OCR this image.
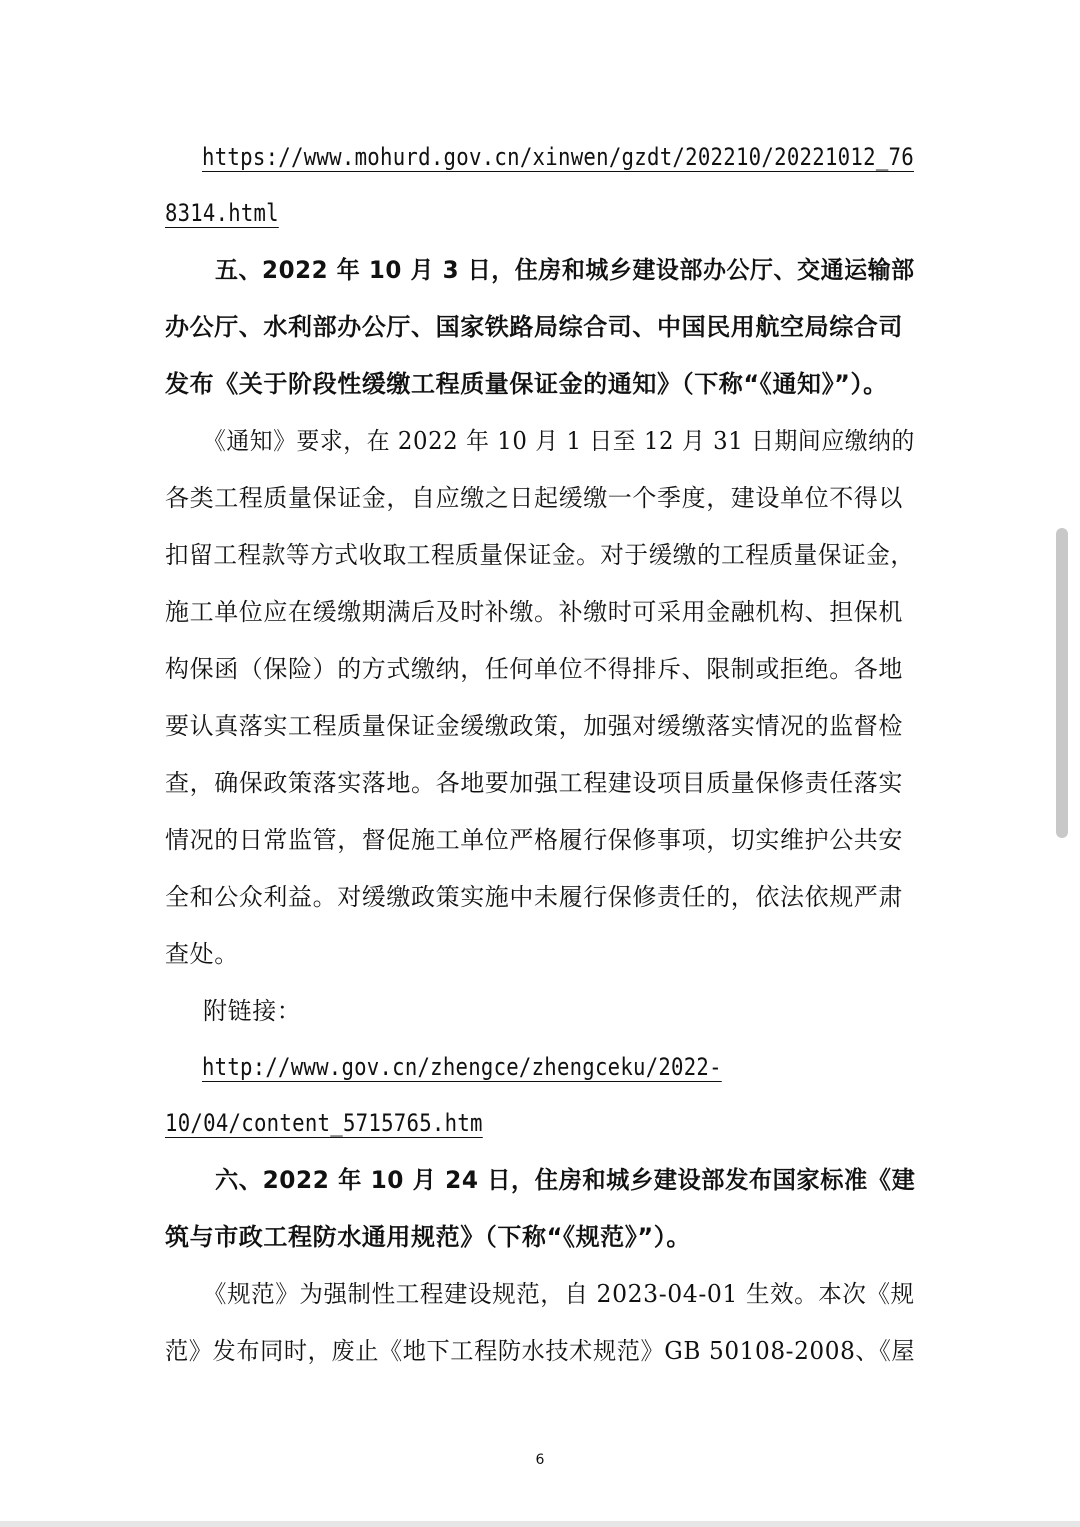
https://www.mohurd.gov.cn/xinwen/gzdt/202210/20221012_76
8314.html
五、2022 年 10 月 3 日，住房和城乡建设部办公厅、交通运输部
办公厅、水利部办公厅、国家铁路局综合司、中国民用航空局综合司
发布《关于阶段性缓缴工程质量保证金的通知》（下称“《通知》”）。
《通知》要求，在 2022 年 10 月 1 日至 12 月 31 日期间应缴纳的
各类工程质量保证金，自应缴之日起缓缴一个季度，建设单位不得以
扣留工程款等方式收取工程质量保证金。对于缓缴的工程质量保证金，
施工单位应在缓缴期满后及时补缴。补缴时可采用金融机构、担保机
构保函（保险）的方式缴纳，任何单位不得排斥、限制或拒绝。各地
要认真落实工程质量保证金缓缴政策，加强对缓缴落实情况的监督检
查，确保政策落实落地。各地要加强工程建设项目质量保修责任落实
情况的日常监管，督促施工单位严格履行保修事项，切实维护公共安
全和公众利益。对缓缴政策实施中未履行保修责任的，依法依规严肃
查处。
附链接：
http://www.gov.cn/zhengce/zhengceku/2022-
10/04/content_5715765.htm
六、2022 年 10 月 24 日，住房和城乡建设部发布国家标准《建
筑与市政工程防水通用规范》（下称“《规范》”）。
《规范》为强制性工程建设规范，自 2023-04-01 生效。本次《规
范》发布同时，废止《地下工程防水技术规范》GB 50108-2008、《屋
6
